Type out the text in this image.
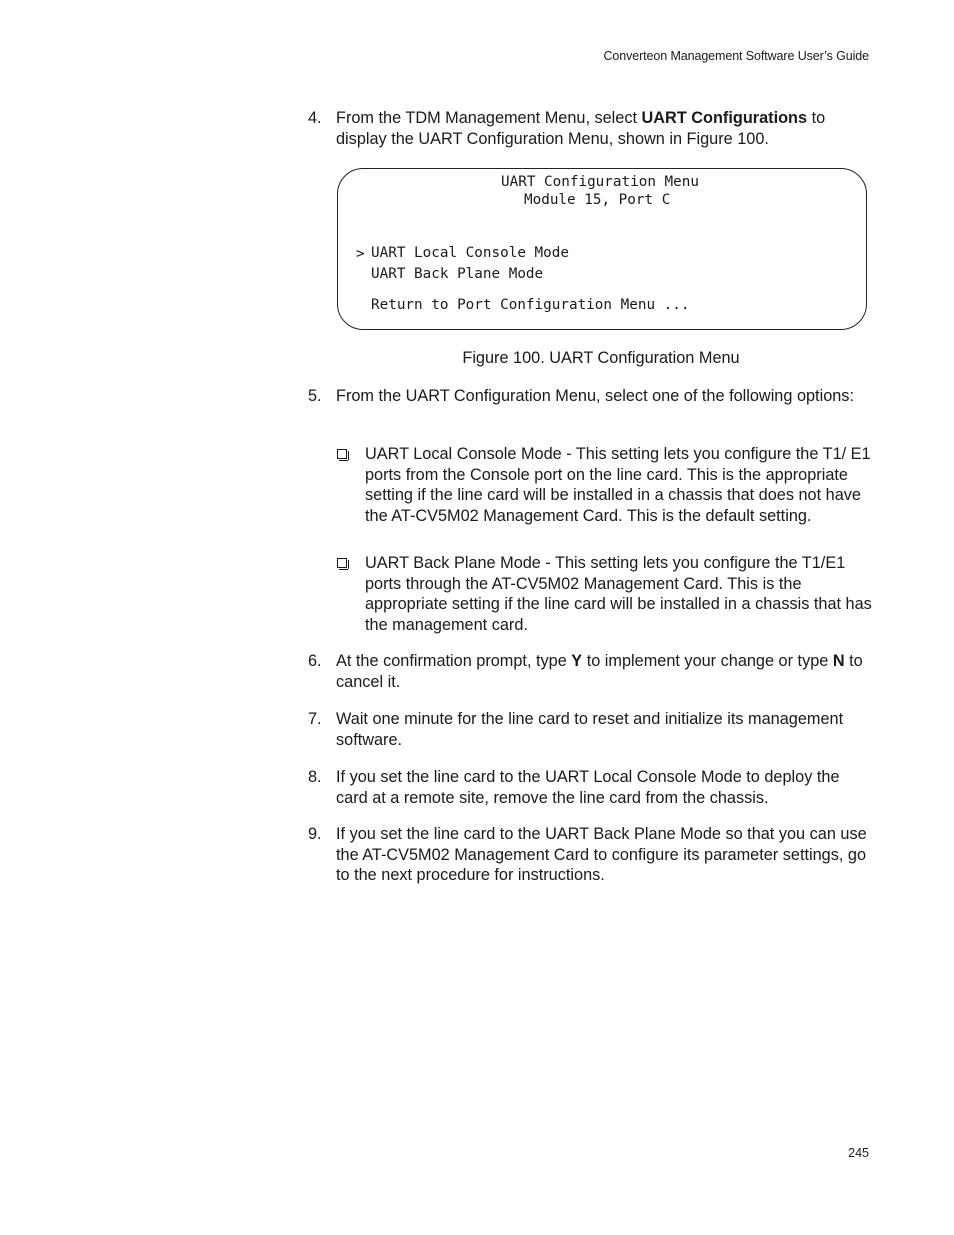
Converteon Management Software User’s Guide
4. From the TDM Management Menu, select UART Configurations to display the UART Configuration Menu, shown in Figure 100.
UART Configuration Menu
Module 15, Port C
> UART Local Console Mode
UART Back Plane Mode
Return to Port Configuration Menu ...
Figure 100. UART Configuration Menu
5. From the UART Configuration Menu, select one of the following options:
UART Local Console Mode - This setting lets you configure the T1/ E1 ports from the Console port on the line card. This is the appropriate setting if the line card will be installed in a chassis that does not have the AT-CV5M02 Management Card. This is the default setting.
UART Back Plane Mode - This setting lets you configure the T1/E1 ports through the AT-CV5M02 Management Card. This is the appropriate setting if the line card will be installed in a chassis that has the management card.
6. At the confirmation prompt, type Y to implement your change or type N to cancel it.
7. Wait one minute for the line card to reset and initialize its management software.
8. If you set the line card to the UART Local Console Mode to deploy the card at a remote site, remove the line card from the chassis.
9. If you set the line card to the UART Back Plane Mode so that you can use the AT-CV5M02 Management Card to configure its parameter settings, go to the next procedure for instructions.
245
